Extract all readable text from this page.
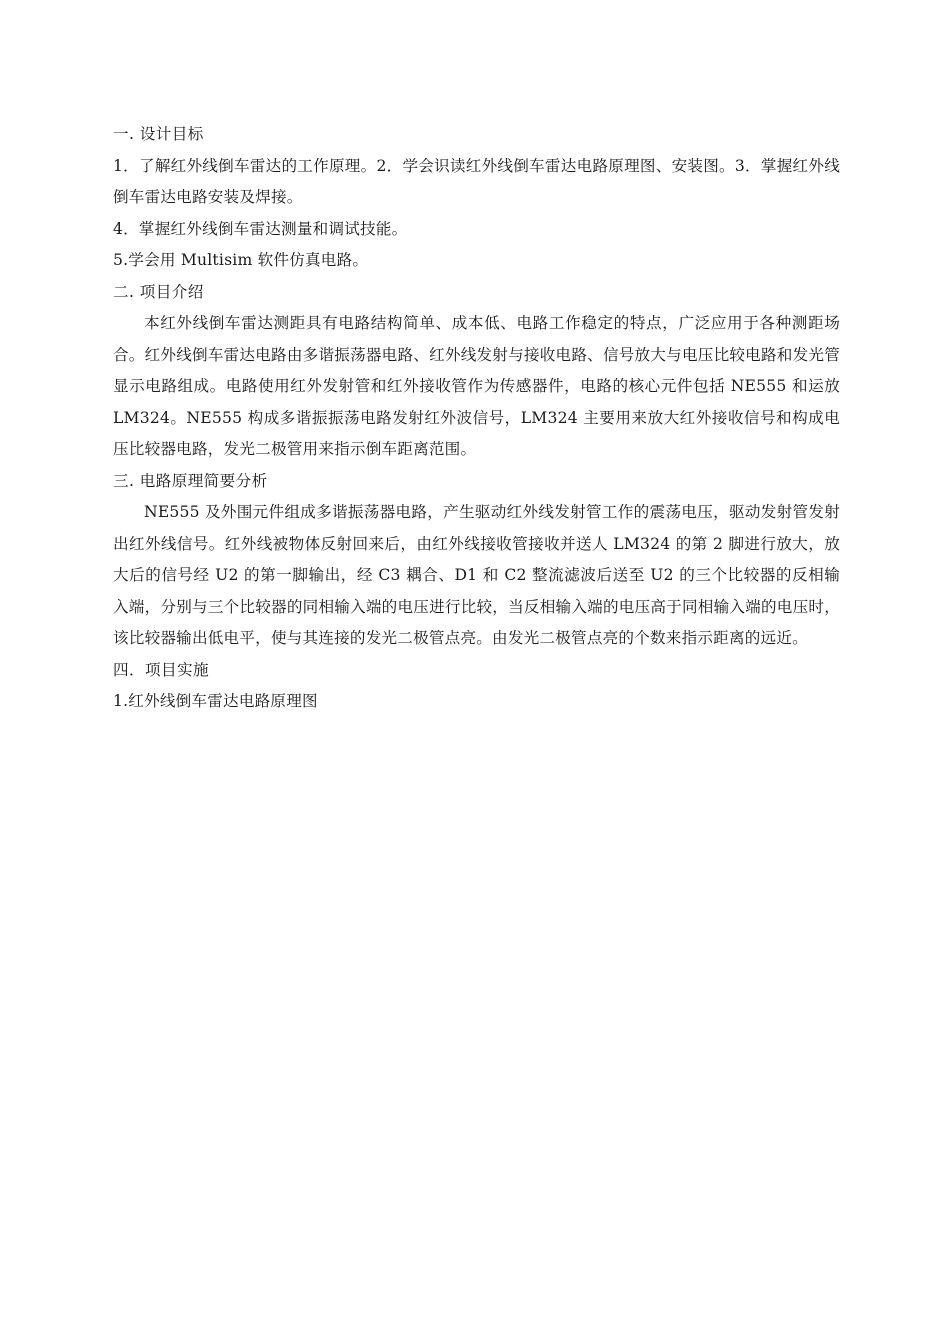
一. 设计目标

1．了解红外线倒车雷达的工作原理。2．学会识读红外线倒车雷达电路原理图、安装图。3．掌握红外线倒车雷达电路安装及焊接。

4．掌握红外线倒车雷达测量和调试技能。

5.学会用 Multisim 软件仿真电路。

二. 项目介绍

本红外线倒车雷达测距具有电路结构简单、成本低、电路工作稳定的特点，广泛应用于各种测距场合。红外线倒车雷达电路由多谐振荡器电路、红外线发射与接收电路、信号放大与电压比较电路和发光管显示电路组成。电路使用红外发射管和红外接收管作为传感器件，电路的核心元件包括 NE555 和运放 LM324。NE555 构成多谐振振荡电路发射红外波信号，LM324 主要用来放大红外接收信号和构成电压比较器电路，发光二极管用来指示倒车距离范围。

三. 电路原理简要分析

NE555 及外围元件组成多谐振荡器电路，产生驱动红外线发射管工作的震荡电压，驱动发射管发射出红外线信号。红外线被物体反射回来后，由红外线接收管接收并送人 LM324 的第 2 脚进行放大，放大后的信号经 U2 的第一脚输出，经 C3 耦合、D1 和 C2 整流滤波后送至 U2 的三个比较器的反相输入端，分别与三个比较器的同相输入端的电压进行比较，当反相输入端的电压高于同相输入端的电压时，该比较器输出低电平，使与其连接的发光二极管点亮。由发光二极管点亮的个数来指示距离的远近。

四．项目实施

1.红外线倒车雷达电路原理图
